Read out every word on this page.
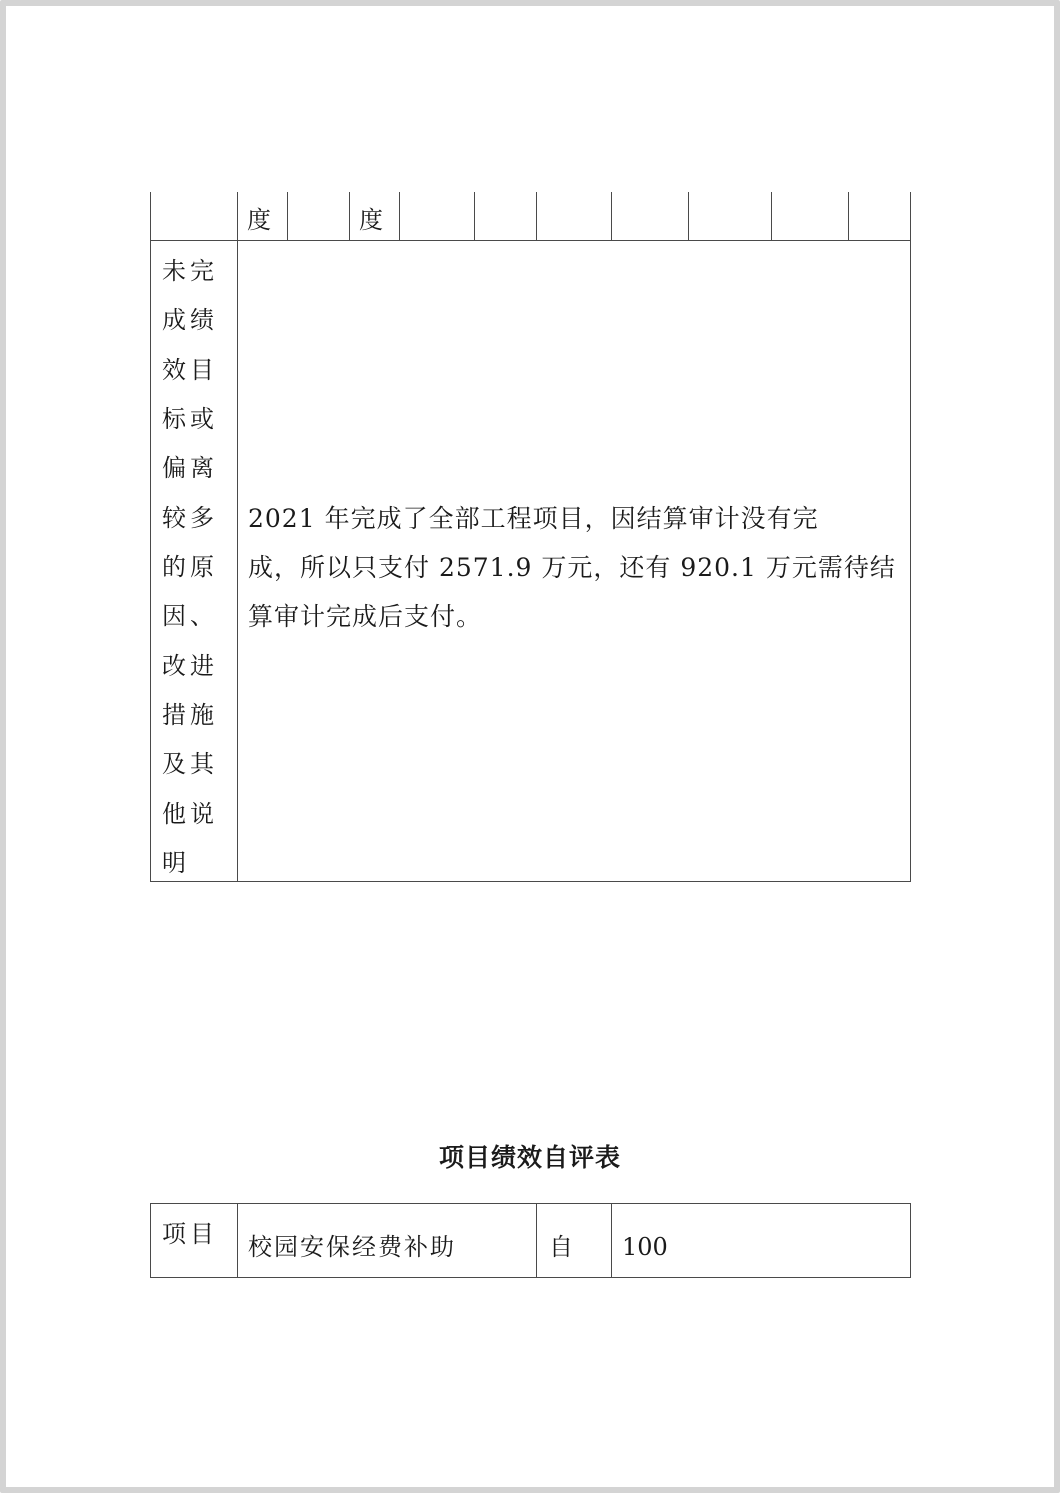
度	度
未完
成绩
效目
标或
偏离
较多
的原
因、
改进
措施
及其
他说
明
2021 年完成了全部工程项目，因结算审计没有完
成，所以只支付 2571.9 万元，还有 920.1 万元需待结
算审计完成后支付。
项目绩效自评表
项目 校园安保经费补助	自 100
